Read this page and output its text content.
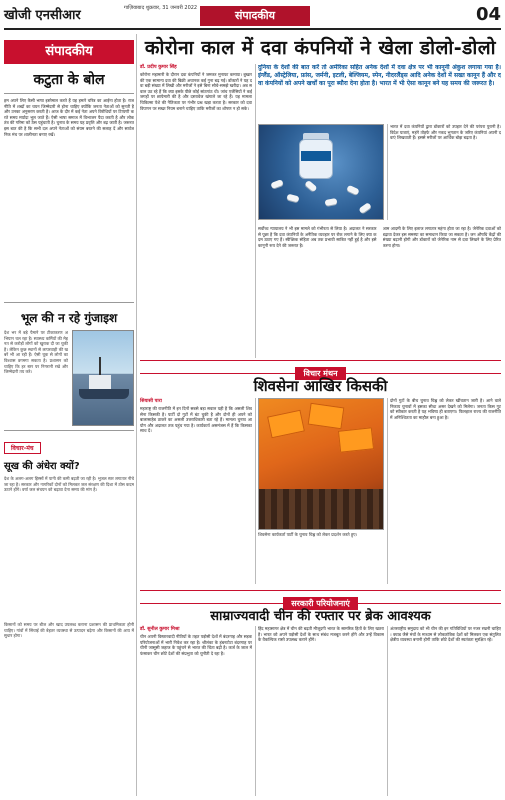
खोजी एनसीआर	गाज़ियाबाद शुक्रवार, 31 जनवरी 2022
संपादकीय	04
संपादकीय
कटुता के बोल
हम अपने लिए कैसी भाषा इस्तेमाल करते हैं यह हमारे चरित्र का आईना होता है। राजनीति में शब्दों का चयन जिम्मेदारी से होना चाहिए क्योंकि जनता नेताओं को सुनती है और उनका अनुसरण करती है। आज के दौर में कई नेता अपने विरोधियों पर टिप्पणी करते समय मर्यादा भूल जाते हैं। ऐसी भाषा समाज में विभाजन पैदा करती है और लोकतंत्र की गरिमा को ठेस पहुंचाती है। चुनाव के समय यह प्रवृत्ति और बढ़ जाती है। जरूरत इस बात की है कि सभी दल अपने नेताओं को संयम बरतने की सलाह दें और सार्वजनिक मंच पर शालीनता बनाए रखें।
भूल की न रहे गुंजाइश
देश भर में बड़े पैमाने पर टीकाकरण अभियान चल रहा है। स्वास्थ्य कर्मियों की मेहनत से करोड़ों लोगों को खुराक दी जा चुकी है। लेकिन कुछ स्थानों से लापरवाही की खबरें भी आ रही हैं। ऐसी चूक से लोगों का विश्वास डगमगा सकता है। प्रशासन को चाहिए कि हर स्तर पर निगरानी रखे और जिम्मेदारी तय करे।
विचार-मंच
सूख की अंधेरा क्यों?
देश के अलग-अलग हिस्सों में पानी की कमी बढ़ती जा रही है। भूजल स्तर लगातार नीचे जा रहा है। सरकार और नागरिकों दोनों को मिलकर जल संरक्षण की दिशा में ठोस कदम उठाने होंगे। वर्षा जल संचयन को बढ़ावा देना समय की मांग है।
किसानों को समय पर बीज और खाद उपलब्ध कराना प्रशासन की प्राथमिकता होनी चाहिए। गांवों में सिंचाई की बेहतर व्यवस्था से उत्पादन बढ़ेगा और किसानों की आय में सुधार होगा।
कोरोना काल में दवा कंपनियों ने खेला डोलो-डोलो
डॉ. प्रदीप कुमार सिंह
कोरोना महामारी के दौरान दवा कंपनियों ने जमकर मुनाफा कमाया। बुखार की एक सामान्य दवा की बिक्री अचानक कई गुना बढ़ गई। डॉक्टरों ने यह दवा बड़ी संख्या में लिखी और मरीजों ने इसे बिना सोचे-समझे खरीदा। अब सवाल उठ रहे हैं कि क्या इसके पीछे कोई सांठगांठ थी। जांच एजेंसियों ने कई जगहों पर छापेमारी की है और दस्तावेज खंगाले जा रहे हैं। यह मामला चिकित्सा पेशे की नैतिकता पर गंभीर प्रश्न खड़ा करता है। सरकार को दवा विपणन पर सख्त नियम बनाने चाहिए ताकि मरीजों का शोषण न हो सके।
दुनिया के देशों की बात करें तो अमेरिका सहित अनेक देशों में दवा क्षेत्र पर भी कानूनी अंकुश लगाया गया है। इंग्लैंड, ऑस्ट्रेलिया, फ्रांस, जर्मनी, इटली, बेल्जियम, स्पेन, नीदरलैंड्स आदि अनेक देशों में सख्त कानून हैं और दवा कंपनियों को अपने खर्चों का पूरा ब्यौरा देना होता है। भारत में भी ऐसा कानून बने यह समय की जरूरत है।
भारत में दवा कंपनियों द्वारा डॉक्टरों को उपहार देने की परंपरा पुरानी है। विदेश यात्राएं, महंगे तोहफे और नकद भुगतान के जरिए कंपनियां अपनी दवाएं लिखवाती हैं। इससे मरीजों पर आर्थिक बोझ बढ़ता है।
सर्वोच्च न्यायालय ने भी इस मामले को गंभीरता से लिया है। अदालत ने सरकार से पूछा है कि दवा कंपनियों के अनैतिक व्यवहार पर रोक लगाने के लिए क्या कदम उठाए गए हैं। स्वैच्छिक संहिता अब तक प्रभावी साबित नहीं हुई है और इसे कानूनी रूप देने की जरूरत है।
आम आदमी के लिए इलाज लगातार महंगा होता जा रहा है। जेनेरिक दवाओं को बढ़ावा देकर इस समस्या का समाधान किया जा सकता है। जन औषधि केंद्रों की संख्या बढ़ानी होगी और डॉक्टरों को जेनेरिक नाम से दवा लिखने के लिए प्रेरित करना होगा।
विचार मंथन
शिवसेना आखिर किसकी
सियासी पारा
महाराष्ट्र की राजनीति में इन दिनों सबसे बड़ा सवाल यही है कि असली शिवसेना किसकी है। पार्टी दो गुटों में बंट चुकी है और दोनों ही अपने को बालासाहेब ठाकरे का असली उत्तराधिकारी बता रहे हैं। मामला चुनाव आयोग और अदालत तक पहुंच गया है। कार्यकर्ता असमंजस में हैं कि किसका साथ दें।
शिवसेना कार्यकर्ता पार्टी के चुनाव चिह्न को लेकर प्रदर्शन करते हुए।
दोनों गुटों के बीच चुनाव चिह्न को लेकर खींचतान जारी है। आने वाले निकाय चुनावों में इसका सीधा असर देखने को मिलेगा। जनता किस गुट को स्वीकार करती है यह भविष्य ही बताएगा। फिलहाल राज्य की राजनीति में अनिश्चितता का माहौल बना हुआ है।
सरकारी परियोजनाएं
साम्राज्यवादी चीन की रफ्तार पर ब्रेक आवश्यक
डॉ. सुनील कुमार मिश्रा
चीन अपनी विस्तारवादी नीतियों के तहत पड़ोसी देशों में बंदरगाह और सड़क परियोजनाओं में भारी निवेश कर रहा है। श्रीलंका के हंबनटोटा बंदरगाह पर चीनी जासूसी जहाज के पहुंचने से भारत की चिंता बढ़ी है। कर्ज के जाल में फंसाकर चीन छोटे देशों की संप्रभुता को चुनौती दे रहा है।
हिंद महासागर क्षेत्र में चीन की बढ़ती मौजूदगी भारत के सामरिक हितों के लिए खतरा है। भारत को अपने पड़ोसी देशों के साथ संबंध मजबूत करने होंगे और उन्हें विकास के वैकल्पिक रास्ते उपलब्ध कराने होंगे।
अंतरराष्ट्रीय समुदाय को भी चीन की इन गतिविधियों पर नजर रखनी चाहिए। क्वाड जैसे मंचों के माध्यम से लोकतांत्रिक देशों को मिलकर एक संतुलित क्षेत्रीय व्यवस्था बनानी होगी ताकि छोटे देशों की स्वतंत्रता सुरक्षित रहे।
